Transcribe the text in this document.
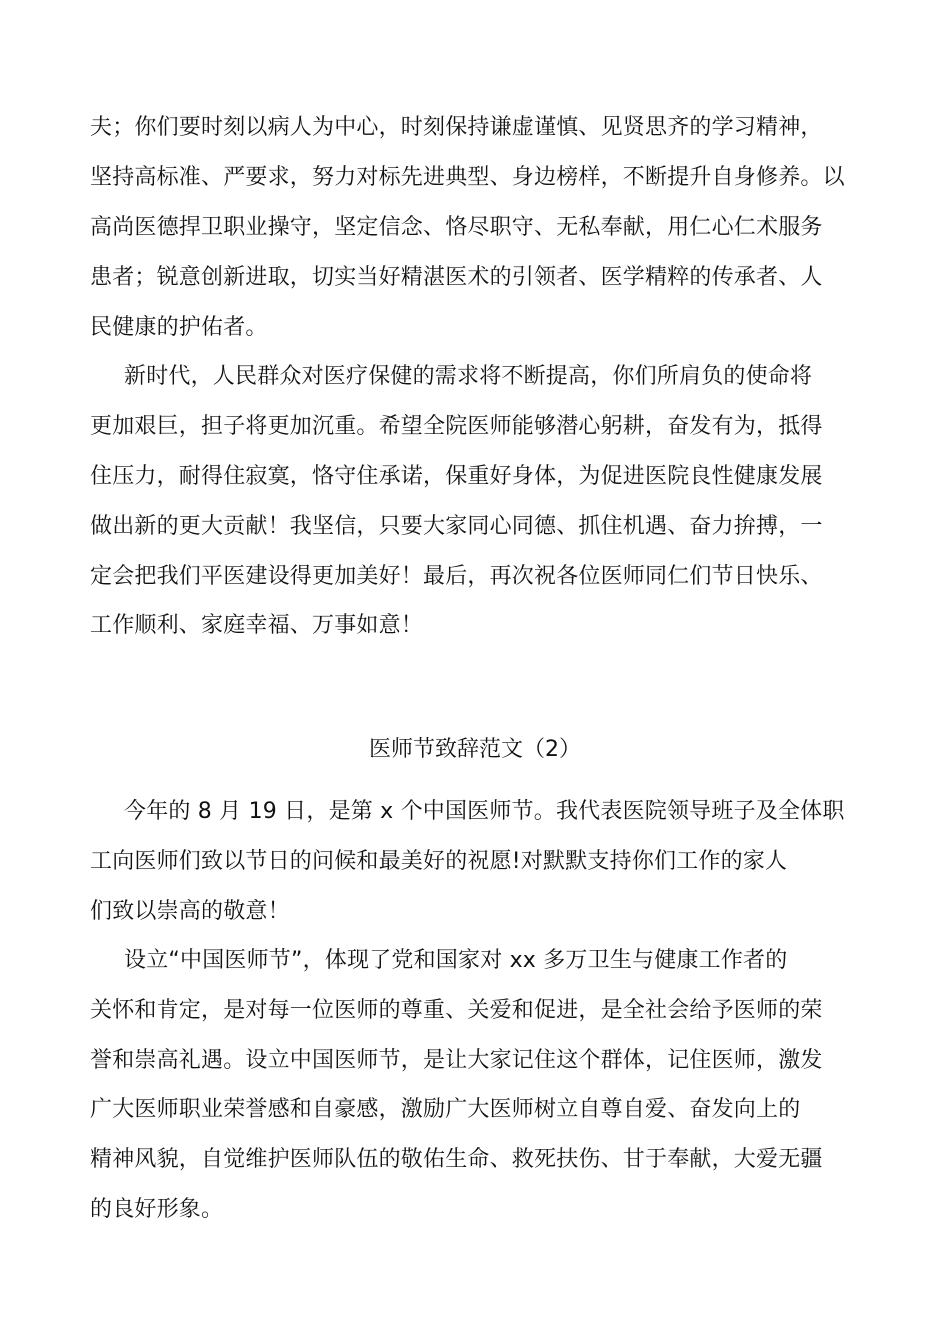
夫；你们要时刻以病人为中心，时刻保持谦虚谨慎、见贤思齐的学习精神，
坚持高标准、严要求，努力对标先进典型、身边榜样，不断提升自身修养。以
高尚医德捍卫职业操守，坚定信念、恪尽职守、无私奉献，用仁心仁术服务
患者；锐意创新进取，切实当好精湛医术的引领者、医学精粹的传承者、人
民健康的护佑者。
新时代，人民群众对医疗保健的需求将不断提高，你们所肩负的使命将
更加艰巨，担子将更加沉重。希望全院医师能够潜心躬耕，奋发有为，抵得
住压力，耐得住寂寞，恪守住承诺，保重好身体，为促进医院良性健康发展
做出新的更大贡献！我坚信，只要大家同心同德、抓住机遇、奋力拚搏，一
定会把我们平医建设得更加美好！最后，再次祝各位医师同仁们节日快乐、
工作顺利、家庭幸福、万事如意！
医师节致辞范文（2）
今年的 8 月 19 日，是第 x 个中国医师节。我代表医院领导班子及全体职
工向医师们致以节日的问候和最美好的祝愿!对默默支持你们工作的家人
们致以崇高的敬意！
设立“中国医师节”，体现了党和国家对 xx 多万卫生与健康工作者的
关怀和肯定，是对每一位医师的尊重、关爱和促进，是全社会给予医师的荣
誉和崇高礼遇。设立中国医师节，是让大家记住这个群体，记住医师，激发
广大医师职业荣誉感和自豪感，激励广大医师树立自尊自爱、奋发向上的
精神风貌，自觉维护医师队伍的敬佑生命、救死扶伤、甘于奉献，大爱无疆
的良好形象。
